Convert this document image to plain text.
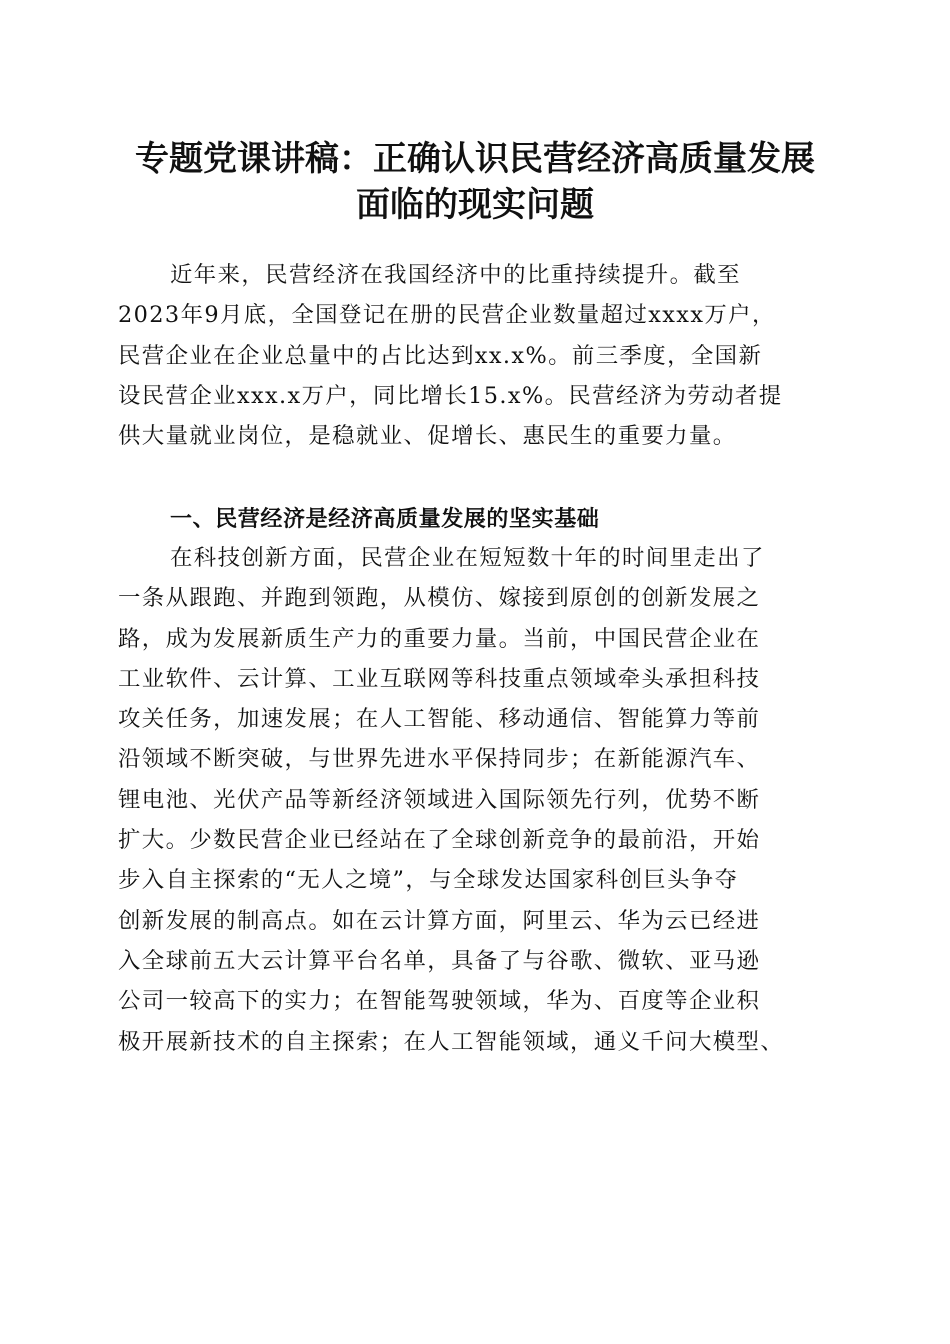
专题党课讲稿：正确认识民营经济高质量发展
面临的现实问题

近年来，民营经济在我国经济中的比重持续提升。截至
2023年9月底，全国登记在册的民营企业数量超过xxxx万户，
民营企业在企业总量中的占比达到xx.x%。前三季度，全国新
设民营企业xxx.x万户，同比增长15.x%。民营经济为劳动者提
供大量就业岗位，是稳就业、促增长、惠民生的重要力量。

一、民营经济是经济高质量发展的坚实基础

在科技创新方面，民营企业在短短数十年的时间里走出了
一条从跟跑、并跑到领跑，从模仿、嫁接到原创的创新发展之
路，成为发展新质生产力的重要力量。当前，中国民营企业在
工业软件、云计算、工业互联网等科技重点领域牵头承担科技
攻关任务，加速发展；在人工智能、移动通信、智能算力等前
沿领域不断突破，与世界先进水平保持同步；在新能源汽车、
锂电池、光伏产品等新经济领域进入国际领先行列，优势不断
扩大。少数民营企业已经站在了全球创新竞争的最前沿，开始
步入自主探索的“无人之境”，与全球发达国家科创巨头争夺
创新发展的制高点。如在云计算方面，阿里云、华为云已经进
入全球前五大云计算平台名单，具备了与谷歌、微软、亚马逊
公司一较高下的实力；在智能驾驶领域，华为、百度等企业积
极开展新技术的自主探索；在人工智能领域，通义千问大模型、
